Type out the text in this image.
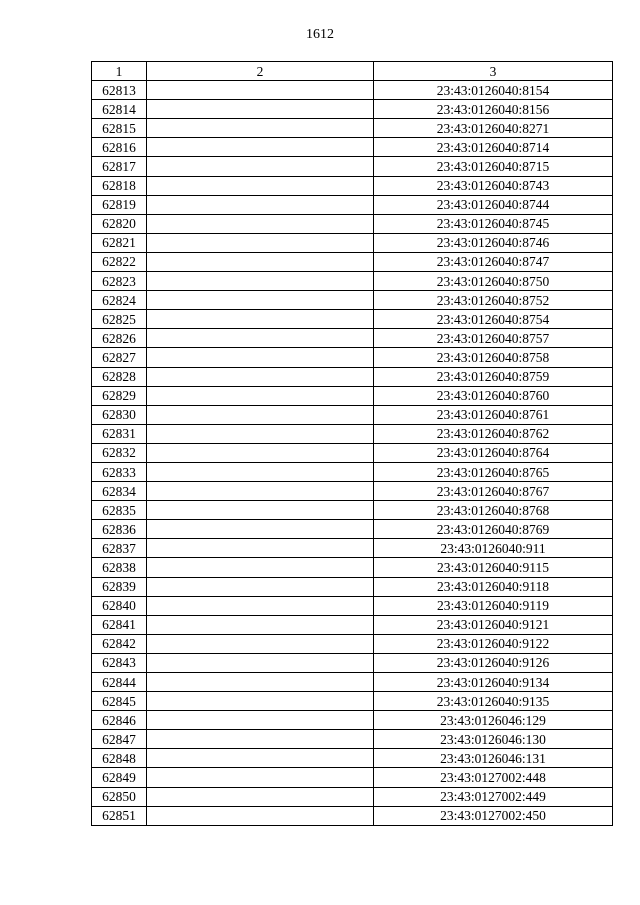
1612
1	2	3
62813		23:43:0126040:8154
62814		23:43:0126040:8156
62815		23:43:0126040:8271
62816		23:43:0126040:8714
62817		23:43:0126040:8715
62818		23:43:0126040:8743
62819		23:43:0126040:8744
62820		23:43:0126040:8745
62821		23:43:0126040:8746
62822		23:43:0126040:8747
62823		23:43:0126040:8750
62824		23:43:0126040:8752
62825		23:43:0126040:8754
62826		23:43:0126040:8757
62827		23:43:0126040:8758
62828		23:43:0126040:8759
62829		23:43:0126040:8760
62830		23:43:0126040:8761
62831		23:43:0126040:8762
62832		23:43:0126040:8764
62833		23:43:0126040:8765
62834		23:43:0126040:8767
62835		23:43:0126040:8768
62836		23:43:0126040:8769
62837		23:43:0126040:911
62838		23:43:0126040:9115
62839		23:43:0126040:9118
62840		23:43:0126040:9119
62841		23:43:0126040:9121
62842		23:43:0126040:9122
62843		23:43:0126040:9126
62844		23:43:0126040:9134
62845		23:43:0126040:9135
62846		23:43:0126046:129
62847		23:43:0126046:130
62848		23:43:0126046:131
62849		23:43:0127002:448
62850		23:43:0127002:449
62851		23:43:0127002:450
